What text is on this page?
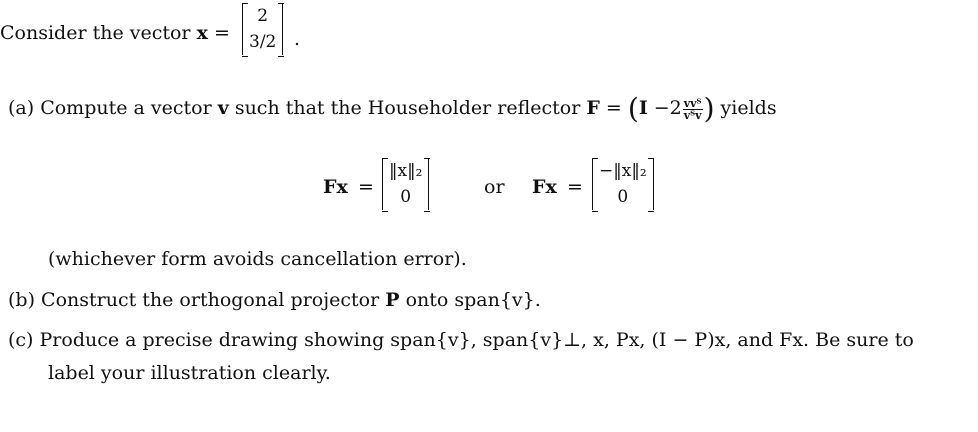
Consider the vector x =
2
3/2 .
(a) Compute a vector v such that the Householder reflector $F = (I -2 \frac{\text{vvᵀ}}{\text{vᵀv}}$ ) yields
Fx =
‖x‖₂
0	or Fx =
−‖x‖₂
0
(whichever form avoids cancellation error).
(b) Construct the orthogonal projector P onto span{v}.
(c) Produce a precise drawing showing span{v}, span{v}⊥, x, Px, (I − P)x, and Fx. Be sure to
label your illustration clearly.
